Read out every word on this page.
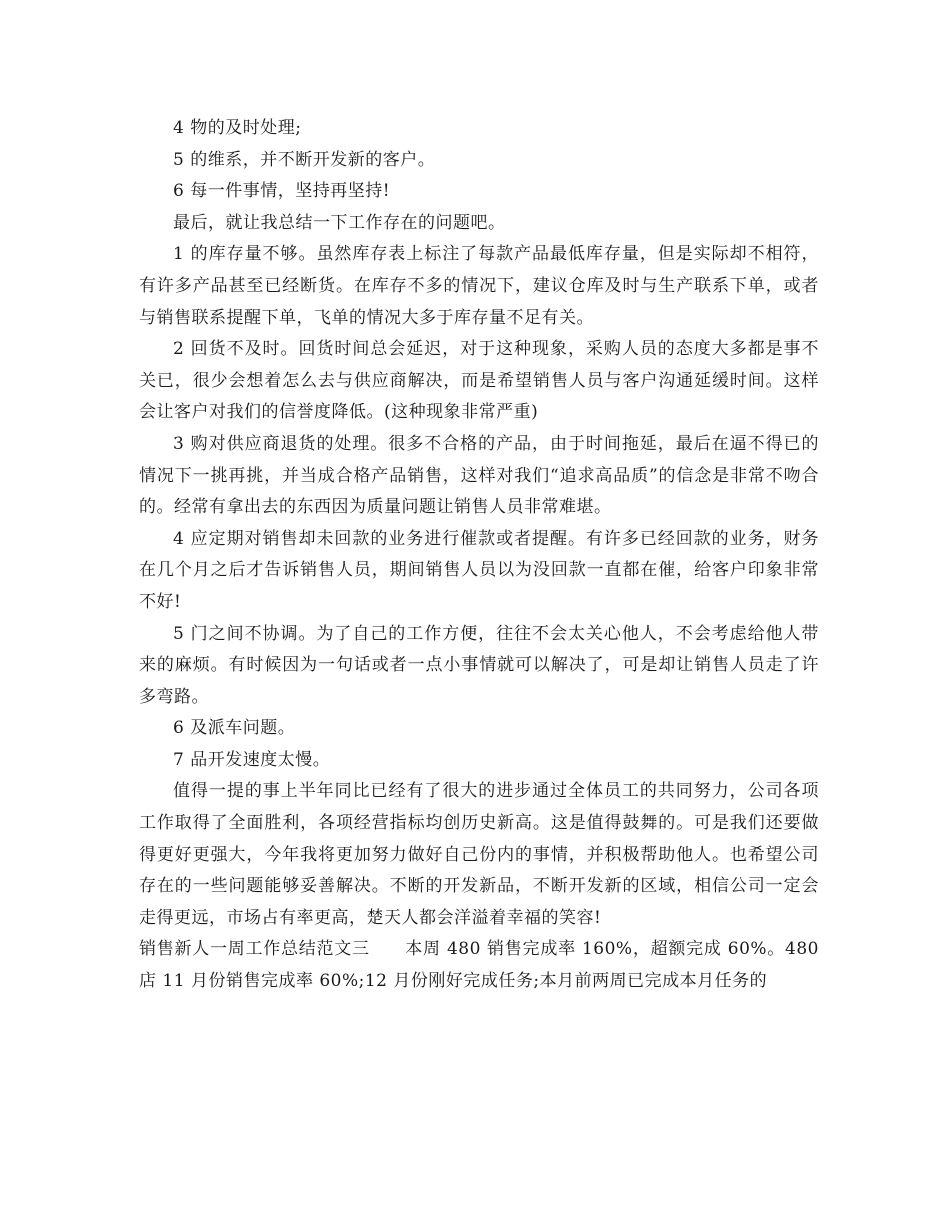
4 物的及时处理;

5 的维系，并不断开发新的客户。

6 每一件事情，坚持再坚持!

最后，就让我总结一下工作存在的问题吧。

1 的库存量不够。虽然库存表上标注了每款产品最低库存量，但是实际却不相符，有许多产品甚至已经断货。在库存不多的情况下，建议仓库及时与生产联系下单，或者与销售联系提醒下单，飞单的情况大多于库存量不足有关。

2 回货不及时。回货时间总会延迟，对于这种现象，采购人员的态度大多都是事不关已，很少会想着怎么去与供应商解决，而是希望销售人员与客户沟通延缓时间。这样会让客户对我们的信誉度降低。(这种现象非常严重)

3 购对供应商退货的处理。很多不合格的产品，由于时间拖延，最后在逼不得已的情况下一挑再挑，并当成合格产品销售，这样对我们“追求高品质”的信念是非常不吻合的。经常有拿出去的东西因为质量问题让销售人员非常难堪。

4 应定期对销售却未回款的业务进行催款或者提醒。有许多已经回款的业务，财务在几个月之后才告诉销售人员，期间销售人员以为没回款一直都在催，给客户印象非常不好!

5 门之间不协调。为了自己的工作方便，往往不会太关心他人，不会考虑给他人带来的麻烦。有时候因为一句话或者一点小事情就可以解决了，可是却让销售人员走了许多弯路。

6 及派车问题。

7 品开发速度太慢。

值得一提的事上半年同比已经有了很大的进步通过全体员工的共同努力，公司各项工作取得了全面胜利，各项经营指标均创历史新高。这是值得鼓舞的。可是我们还要做得更好更强大，今年我将更加努力做好自己份内的事情，并积极帮助他人。也希望公司存在的一些问题能够妥善解决。不断的开发新品，不断开发新的区域，相信公司一定会走得更远，市场占有率更高，楚天人都会洋溢着幸福的笑容!

销售新人一周工作总结范文三　　本周 480 销售完成率 160%，超额完成 60%。480 店 11 月份销售完成率 60%;12 月份刚好完成任务;本月前两周已完成本月任务的
